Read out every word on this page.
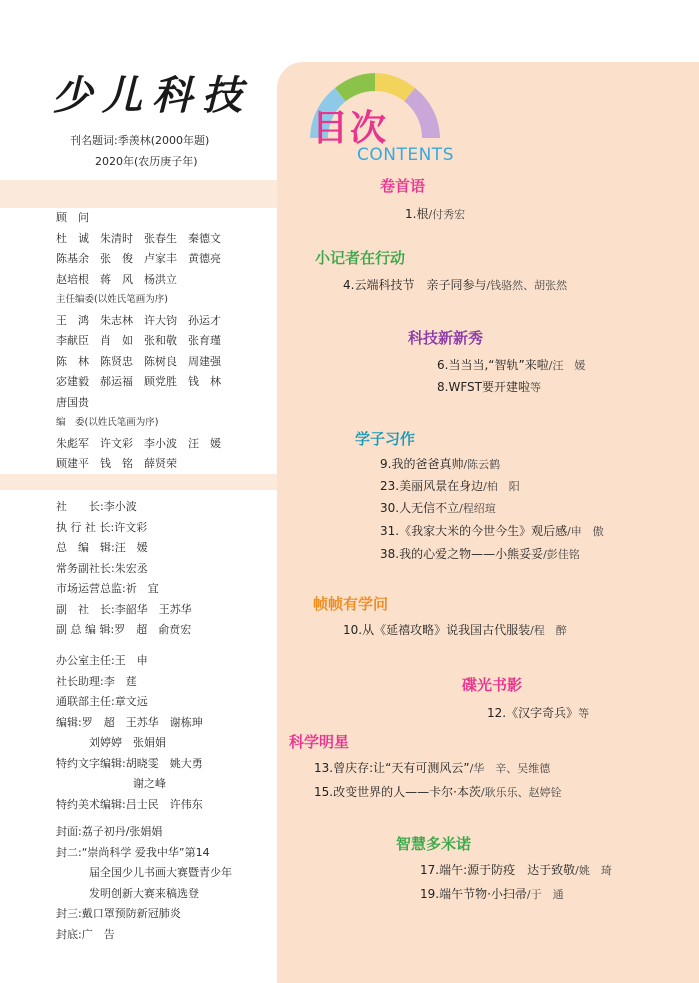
少儿科技
刊名题词:季羡林(2000年题)
2020年(农历庚子年)
顾　问
杜　诚　朱清时　张春生　秦德文
陈基余　张　俊　卢家丰　黄德亮
赵培根　蒋　风　杨洪立
主任编委(以姓氏笔画为序)
王　鸿　朱志林　许大钧　孙运才
李献臣　肖　如　张和敬　张育瑾
陈　林　陈贤忠　陈树良　周建强
宓建毅　郝运福　顾党胜　钱　林
唐国贵
编　委(以姓氏笔画为序)
朱彪军　许文彩　李小波　汪　媛
顾建平　钱　铭　薛贤荣
社　　长:李小波
执 行 社 长:许文彩
总　编　辑:汪　媛
常务副社长:朱宏丞
市场运营总监:祈　宜
副　社　长:李韶华　王苏华
副 总 编 辑:罗　超　俞贲宏
办公室主任:王　申
社长助理:李　莛
通联部主任:章文远
编辑:罗　超　王苏华　谢栋珅
　　　刘婷婷　张娟娟
特约文字编辑:胡晓雯　姚大勇
　　　　　　　谢之峰
特约美术编辑:吕士民　许伟东
封面:荔子初丹/张娟娟
封二:“崇尚科学 爱我中华”第14
　　　届全国少儿书画大赛暨青少年
　　　发明创新大赛来稿选登
封三:戴口罩预防新冠肺炎
封底:广　告
目次
CONTENTS
卷首语
1.根/付秀宏
小记者在行动
4.云端科技节　亲子同参与/钱骆然、胡张然
科技新新秀
6.当当当,“智轨”来啦/汪　媛
8.WFST要开建啦等
学子习作
9.我的爸爸真帅/陈云鹤
23.美丽风景在身边/柏　阳
30.人无信不立/程绍瑄
31.《我家大米的今世今生》观后感/申　傲
38.我的心爱之物——小熊妥妥/彭佳铭
帧帧有学问
10.从《延禧攻略》说我国古代服装/程　醉
碟光书影
12.《汉字奇兵》等
科学明星
13.曾庆存:让“天有可测风云”/华　辛、吴维德
15.改变世界的人——卡尔·本茨/耿乐乐、赵婷铨
智慧多米诺
17.端午:源于防疫　达于致敬/姚　琦
19.端午节物·小扫帚/于　通
